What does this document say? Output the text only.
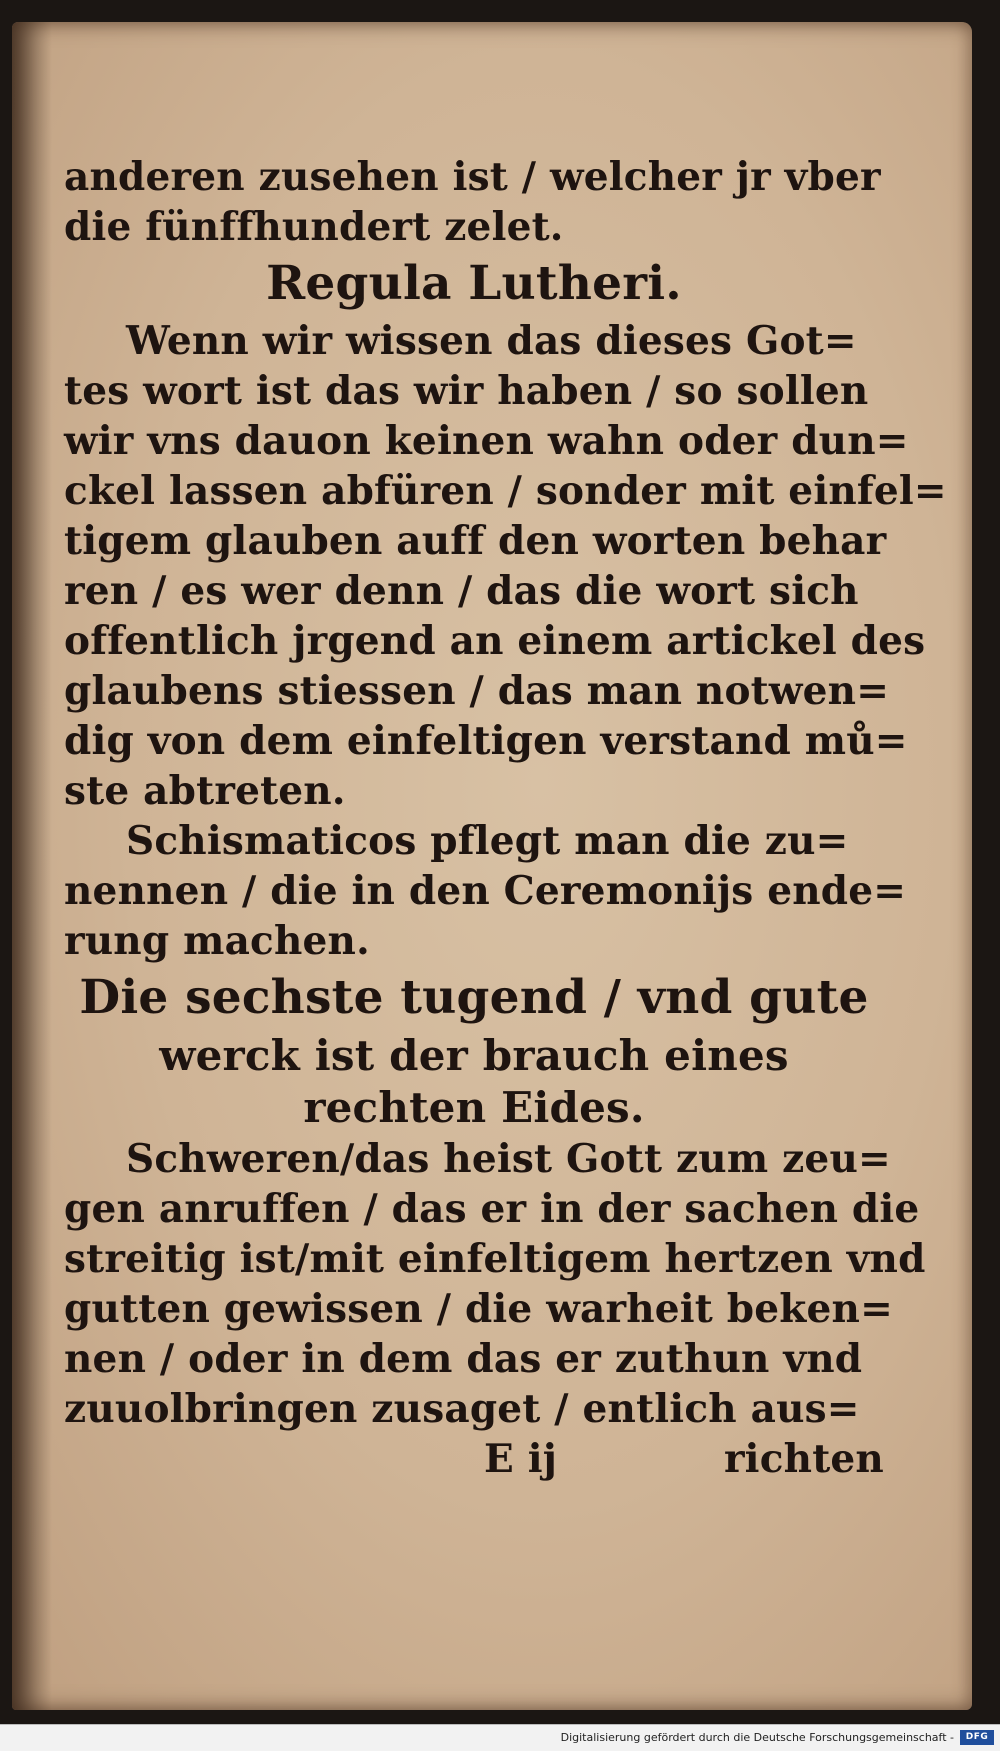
anderen zusehen ist / welcher jr vber
die fünffhundert zelet.
Regula Lutheri.
Wenn wir wissen das dieses Got=
tes wort ist das wir haben / so sollen
wir vns dauon keinen wahn oder dun=
ckel lassen abfüren / sonder mit einfel=
tigem glauben auff den worten behar
ren / es wer denn / das die wort sich
offentlich jrgend an einem artickel des
glaubens stiessen / das man notwen=
dig von dem einfeltigen verstand mů=
ste abtreten.
Schismaticos pflegt man die zu=
nennen / die in den Ceremonijs ende=
rung machen.
Die sechste tugend / vnd gute
werck ist der brauch eines
rechten Eides.
Schweren/das heist Gott zum zeu=
gen anruffen / das er in der sachen die
streitig ist/mit einfeltigem hertzen vnd
gutten gewissen / die warheit beken=
nen / oder in dem das er zuthun vnd
zuuolbringen zusaget / entlich aus=
E ij	richten
Digitalisierung gefördert durch die Deutsche Forschungsgemeinschaft -	DFG
